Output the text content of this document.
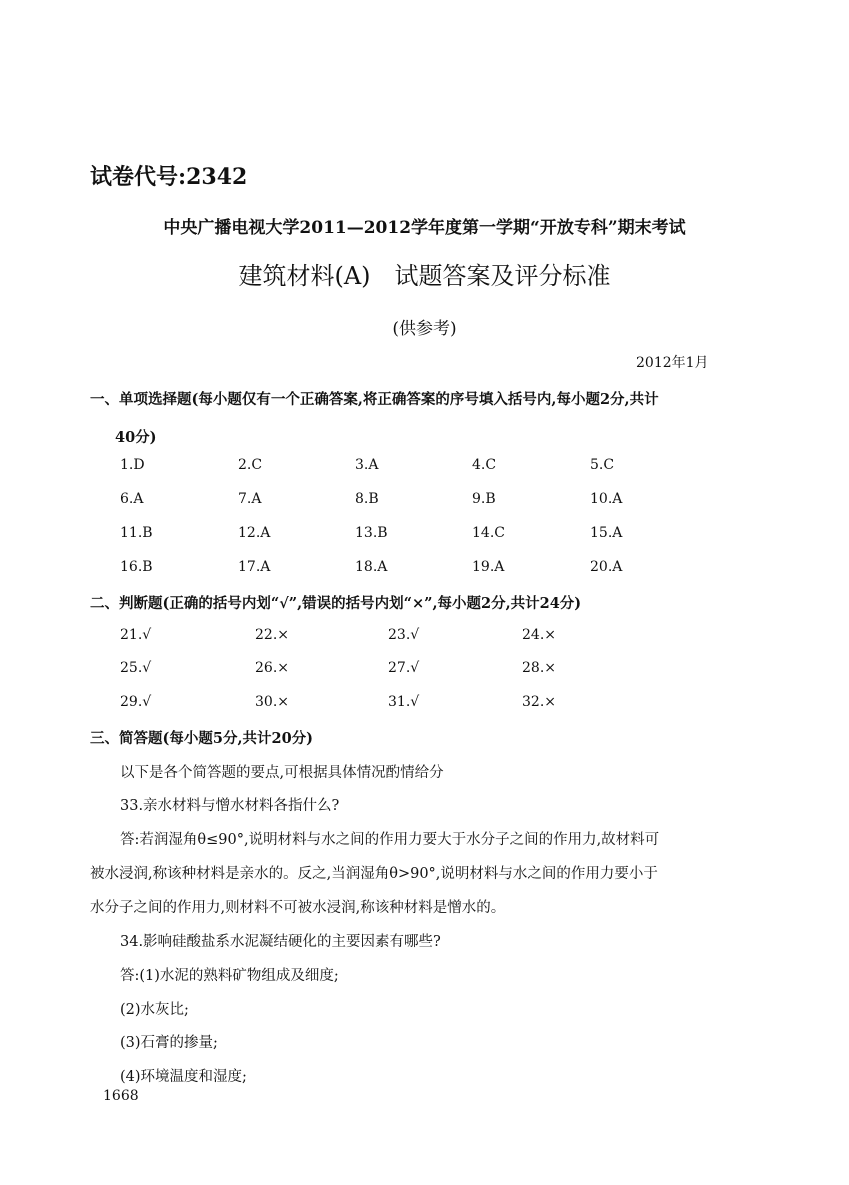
试卷代号:2342
中央广播电视大学2011—2012学年度第一学期“开放专科”期末考试
建筑材料(A)　试题答案及评分标准
(供参考)
2012年1月
一、单项选择题(每小题仅有一个正确答案,将正确答案的序号填入括号内,每小题2分,共计
40分)
1.D	2.C	3.A	4.C	5.C
6.A	7.A	8.B	9.B	10.A
11.B	12.A	13.B	14.C	15.A
16.B	17.A	18.A	19.A	20.A
二、判断题(正确的括号内划“√”,错误的括号内划“×”,每小题2分,共计24分)
21.√	22.×	23.√	24.×
25.√	26.×	27.√	28.×
29.√	30.×	31.√	32.×
三、简答题(每小题5分,共计20分)
以下是各个简答题的要点,可根据具体情况酌情给分
33.亲水材料与憎水材料各指什么?
答:若润湿角θ≤90°,说明材料与水之间的作用力要大于水分子之间的作用力,故材料可
被水浸润,称该种材料是亲水的。反之,当润湿角θ>90°,说明材料与水之间的作用力要小于
水分子之间的作用力,则材料不可被水浸润,称该种材料是憎水的。
34.影响硅酸盐系水泥凝结硬化的主要因素有哪些?
答:(1)水泥的熟料矿物组成及细度;
(2)水灰比;
(3)石膏的掺量;
(4)环境温度和湿度;
1668
